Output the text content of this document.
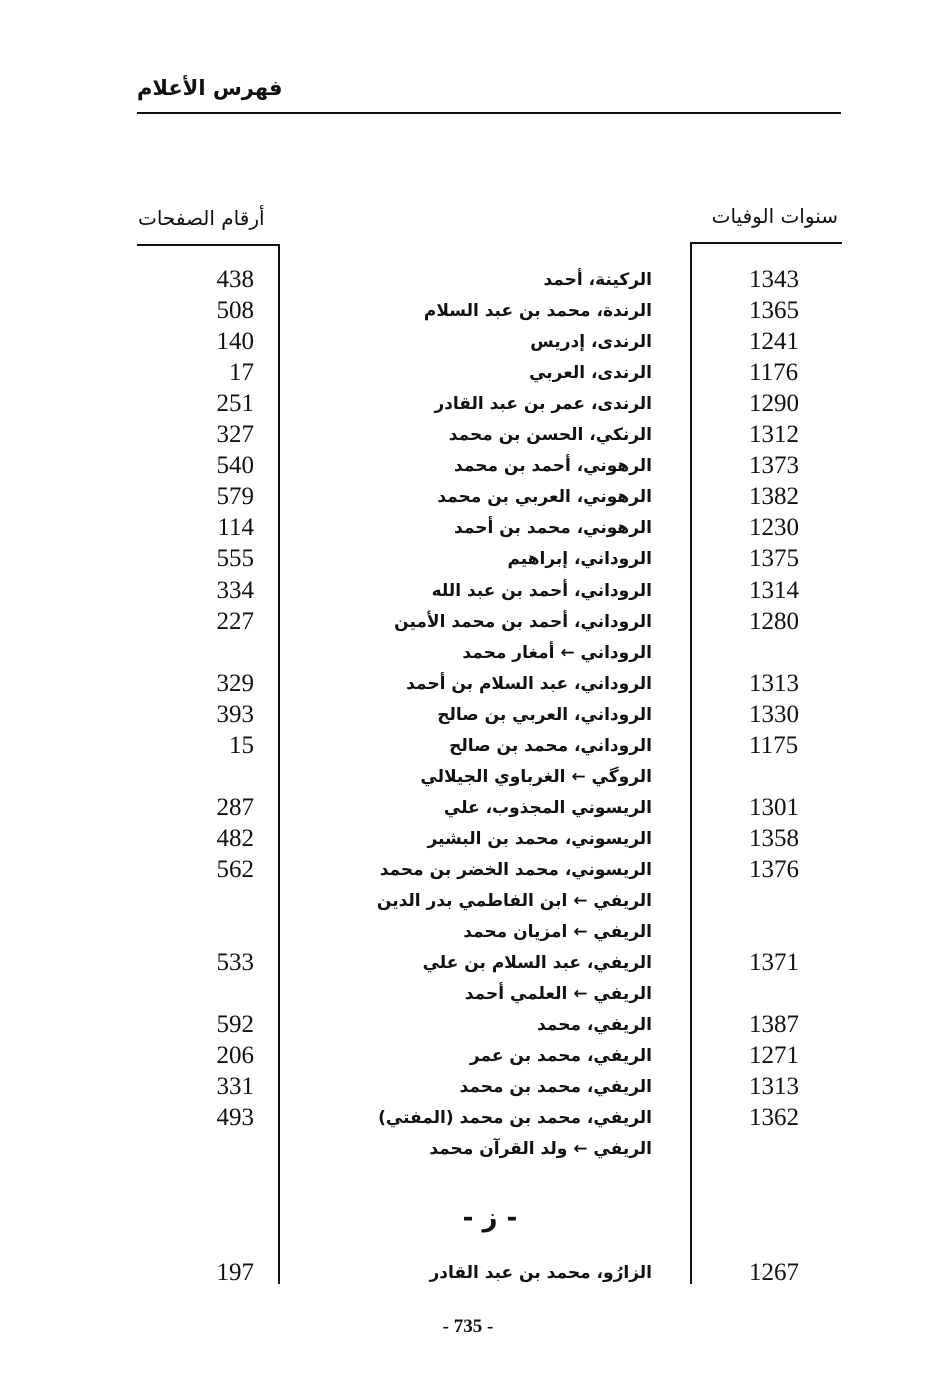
فهرس الأعلام
أرقام الصفحات	سنوات الوفيات
438	الركينة، أحمد	1343
508	الرندة، محمد بن عبد السلام	1365
140	الرندى، إدريس	1241
17	الرندى، العربي	1176
251	الرندى، عمر بن عبد القادر	1290
327	الرنكي، الحسن بن محمد	1312
540	الرهوني، أحمد بن محمد	1373
579	الرهوني، العربي بن محمد	1382
114	الرهوني، محمد بن أحمد	1230
555	الروداني، إبراهيم	1375
334	الروداني، أحمد بن عبد الله	1314
227	الروداني، أحمد بن محمد الأمين	1280
الروداني ← أمغار محمد
329	الروداني، عبد السلام بن أحمد	1313
393	الروداني، العربي بن صالح	1330
15	الروداني، محمد بن صالح	1175
الروگي ← الغرباوي الجيلالي
287	الريسوني المجذوب، علي	1301
482	الريسوني، محمد بن البشير	1358
562	الريسوني، محمد الخضر بن محمد	1376
الريفي ← ابن الفاطمي بدر الدين
الريفي ← امزيان محمد
533	الريفي، عبد السلام بن علي	1371
الريفي ← العلمي أحمد
592	الريفي، محمد	1387
206	الريفي، محمد بن عمر	1271
331	الريفي، محمد بن محمد	1313
493	الريفي، محمد بن محمد (المفتي)	1362
الريفي ← ولد القرآن محمد
- ز -
197	الزارُو، محمد بن عبد القادر	1267
- 735 -
